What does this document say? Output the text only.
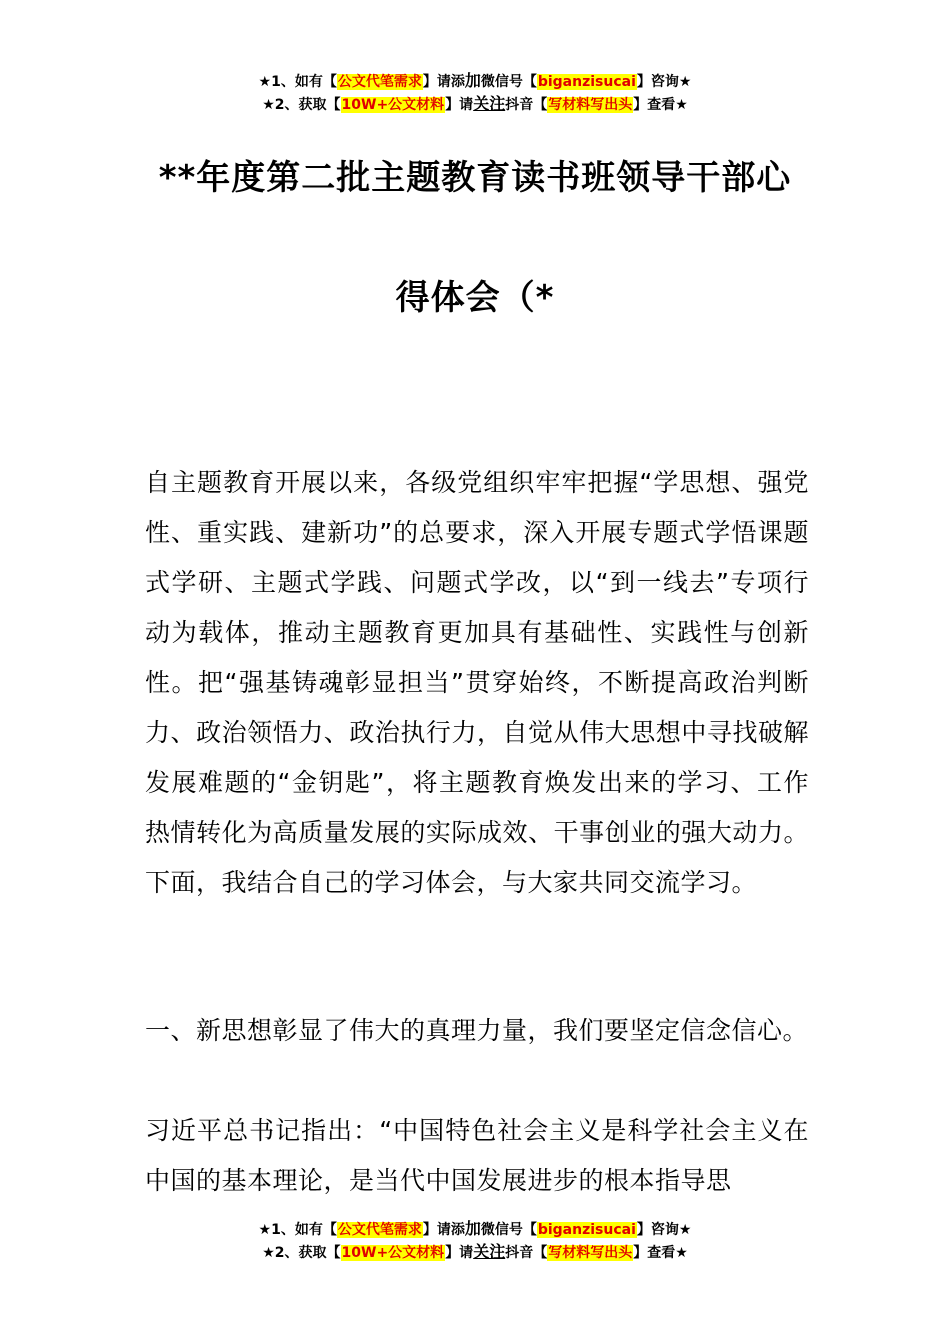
★1、如有【公文代笔需求】请添加微信号【biganzisucai】咨询★
★2、获取【10W+公文材料】请关注抖音【写材料写出头】查看★
**年度第二批主题教育读书班领导干部心
得体会（*
自主题教育开展以来，各级党组织牢牢把握“学思想、强党性、重实践、建新功”的总要求，深入开展专题式学悟课题式学研、主题式学践、问题式学改，以“到一线去”专项行动为载体，推动主题教育更加具有基础性、实践性与创新性。把“强基铸魂彰显担当”贯穿始终，不断提高政治判断力、政治领悟力、政治执行力，自觉从伟大思想中寻找破解发展难题的“金钥匙”，将主题教育焕发出来的学习、工作热情转化为高质量发展的实际成效、干事创业的强大动力。下面，我结合自己的学习体会，与大家共同交流学习。
一、新思想彰显了伟大的真理力量，我们要坚定信念信心。
习近平总书记指出：“中国特色社会主义是科学社会主义在中国的基本理论，是当代中国发展进步的根本指导思
★1、如有【公文代笔需求】请添加微信号【biganzisucai】咨询★
★2、获取【10W+公文材料】请关注抖音【写材料写出头】查看★
